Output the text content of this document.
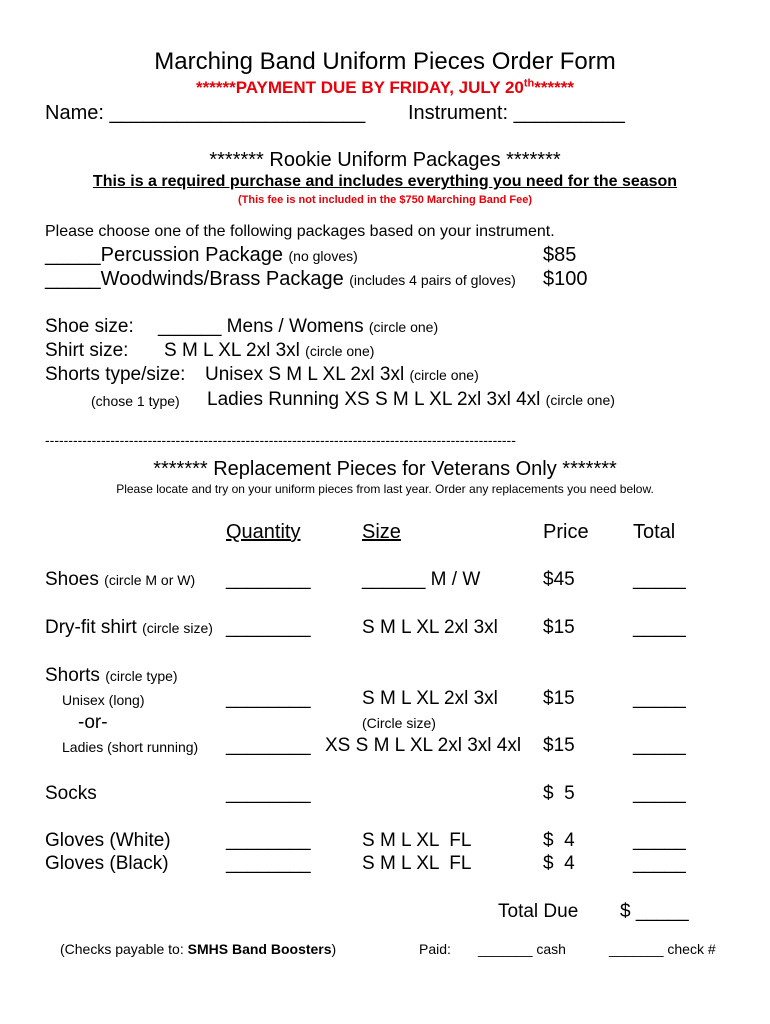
Marching Band Uniform Pieces Order Form
******PAYMENT DUE BY FRIDAY, JULY 20th******
Name: _______________________ Instrument: __________
******* Rookie Uniform Packages *******
This is a required purchase and includes everything you need for the season
(This fee is not included in the $750 Marching Band Fee)
Please choose one of the following packages based on your instrument.
_____Percussion Package (no gloves)	$85
_____Woodwinds/Brass Package (includes 4 pairs of gloves) $100
Shoe size: ______ Mens / Womens (circle one)
Shirt size: S M L XL 2xl 3xl (circle one)
Shorts type/size: Unisex S M L XL 2xl 3xl (circle one)
(chose 1 type) Ladies Running XS S M L XL 2xl 3xl 4xl (circle one)
-----------------------------------------------------------------------------------------------------
******* Replacement Pieces for Veterans Only *******
Please locate and try on your uniform pieces from last year. Order any replacements you need below.
Quantity	Size	Price Total
Shoes (circle M or W) ________	______ M / W	$45	_____
Dry-fit shirt (circle size) ________	S M L XL 2xl 3xl $15	_____
Shorts (circle type)
Unisex (long)	________	S M L XL 2xl 3xl $15	_____
-or-	(Circle size)
Ladies (short running) ________ XS S M L XL 2xl 3xl 4xl $15	_____
Socks	________	$  5	_____
Gloves (White)	________	S M L XL  FL	$  4	_____
Gloves (Black)	________	S M L XL  FL	$  4	_____
Total Due $ _____
(Checks payable to: SMHS Band Boosters)	Paid: _______ cash	_______ check #
